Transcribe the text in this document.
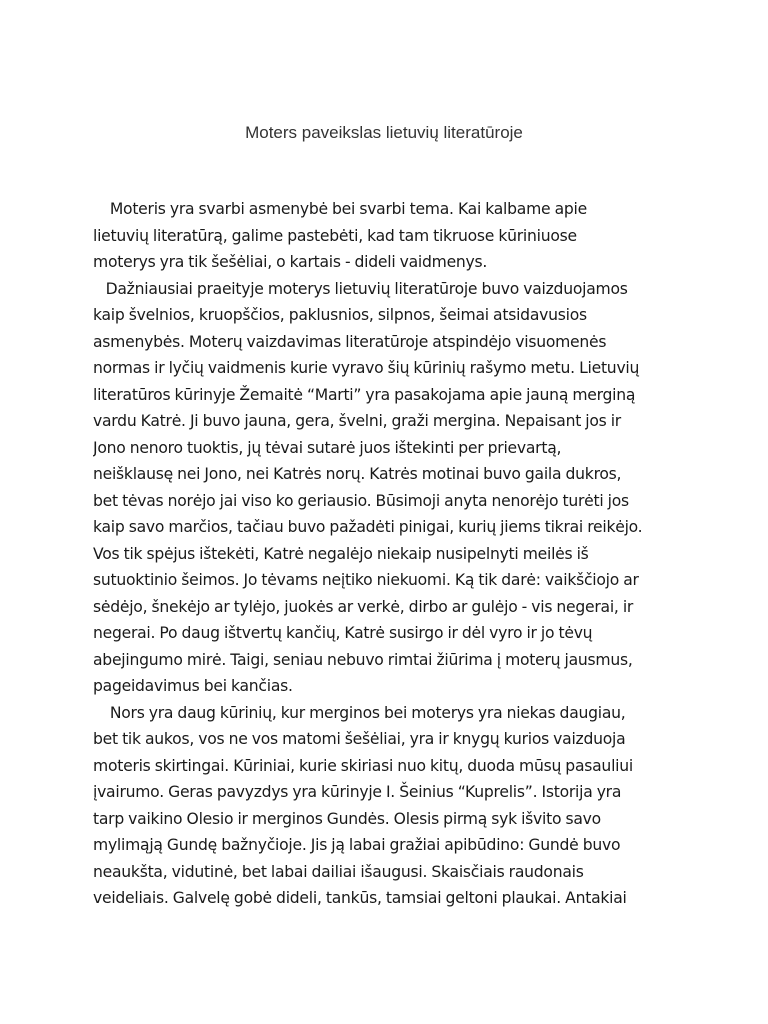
Moters paveikslas lietuvių literatūroje
Moteris yra svarbi asmenybė bei svarbi tema. Kai kalbame apie
lietuvių literatūrą, galime pastebėti, kad tam tikruose kūriniuose
moterys yra tik šešėliai, o kartais - dideli vaidmenys.
Dažniausiai praeityje moterys lietuvių literatūroje buvo vaizduojamos
kaip švelnios, kruopščios, paklusnios, silpnos, šeimai atsidavusios
asmenybės. Moterų vaizdavimas literatūroje atspindėjo visuomenės
normas ir lyčių vaidmenis kurie vyravo šių kūrinių rašymo metu. Lietuvių
literatūros kūrinyje Žemaitė “Marti” yra pasakojama apie jauną merginą
vardu Katrė. Ji buvo jauna, gera, švelni, graži mergina. Nepaisant jos ir
Jono nenoro tuoktis, jų tėvai sutarė juos ištekinti per prievartą,
neišklausę nei Jono, nei Katrės norų. Katrės motinai buvo gaila dukros,
bet tėvas norėjo jai viso ko geriausio. Būsimoji anyta nenorėjo turėti jos
kaip savo marčios, tačiau buvo pažadėti pinigai, kurių jiems tikrai reikėjo.
Vos tik spėjus ištekėti, Katrė negalėjo niekaip nusipelnyti meilės iš
sutuoktinio šeimos. Jo tėvams neįtiko niekuomi. Ką tik darė: vaikščiojo ar
sėdėjo, šnekėjo ar tylėjo, juokės ar verkė, dirbo ar gulėjo - vis negerai, ir
negerai. Po daug ištvertų kančių, Katrė susirgo ir dėl vyro ir jo tėvų
abejingumo mirė. Taigi, seniau nebuvo rimtai žiūrima į moterų jausmus,
pageidavimus bei kančias.
Nors yra daug kūrinių, kur merginos bei moterys yra niekas daugiau,
bet tik aukos, vos ne vos matomi šešėliai, yra ir knygų kurios vaizduoja
moteris skirtingai. Kūriniai, kurie skiriasi nuo kitų, duoda mūsų pasauliui
įvairumo. Geras pavyzdys yra kūrinyje I. Šeinius “Kuprelis”. Istorija yra
tarp vaikino Olesio ir merginos Gundės. Olesis pirmą syk išvito savo
mylimąją Gundę bažnyčioje. Jis ją labai gražiai apibūdino: Gundė buvo
neaukšta, vidutinė, bet labai dailiai išaugusi. Skaisčiais raudonais
veideliais. Galvelę gobė dideli, tankūs, tamsiai geltoni plaukai. Antakiai
